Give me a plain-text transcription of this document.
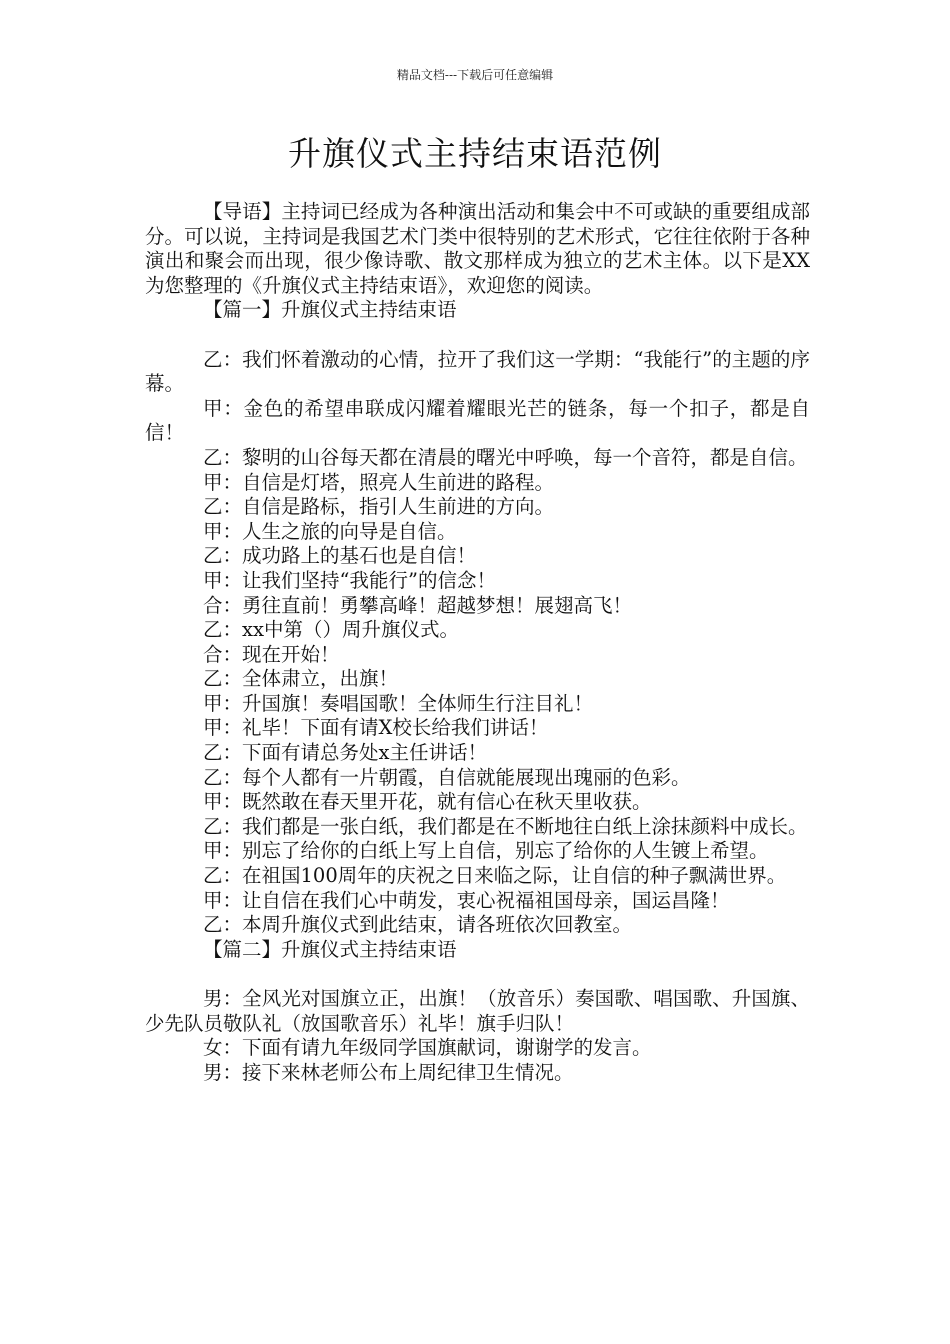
精品文档---下载后可任意编辑
升旗仪式主持结束语范例

【导语】主持词已经成为各种演出活动和集会中不可或缺的重要组成部分。可以说，主持词是我国艺术门类中很特别的艺术形式，它往往依附于各种演出和聚会而出现，很少像诗歌、散文那样成为独立的艺术主体。以下是XX为您整理的《升旗仪式主持结束语》，欢迎您的阅读。

【篇一】升旗仪式主持结束语

乙：我们怀着激动的心情，拉开了我们这一学期：“我能行”的主题的序幕。

甲：金色的希望串联成闪耀着耀眼光芒的链条，每一个扣子，都是自信！

乙：黎明的山谷每天都在清晨的曙光中呼唤，每一个音符，都是自信。

甲：自信是灯塔，照亮人生前进的路程。

乙：自信是路标，指引人生前进的方向。

甲：人生之旅的向导是自信。

乙：成功路上的基石也是自信！

甲：让我们坚持“我能行”的信念！

合：勇往直前！勇攀高峰！超越梦想！展翅高飞！

乙：xx中第（）周升旗仪式。

合：现在开始！

乙：全体肃立，出旗！

甲：升国旗！奏唱国歌！全体师生行注目礼！

甲：礼毕！下面有请X校长给我们讲话！

乙：下面有请总务处x主任讲话！

乙：每个人都有一片朝霞，自信就能展现出瑰丽的色彩。

甲：既然敢在春天里开花，就有信心在秋天里收获。

乙：我们都是一张白纸，我们都是在不断地往白纸上涂抹颜料中成长。

甲：别忘了给你的白纸上写上自信，别忘了给你的人生镀上希望。

乙：在祖国100周年的庆祝之日来临之际，让自信的种子飘满世界。

甲：让自信在我们心中萌发，衷心祝福祖国母亲，国运昌隆！

乙：本周升旗仪式到此结束，请各班依次回教室。

【篇二】升旗仪式主持结束语

男：全风光对国旗立正，出旗！（放音乐）奏国歌、唱国歌、升国旗、少先队员敬队礼（放国歌音乐）礼毕！旗手归队！

女：下面有请九年级同学国旗献词，谢谢学的发言。

男：接下来林老师公布上周纪律卫生情况。
